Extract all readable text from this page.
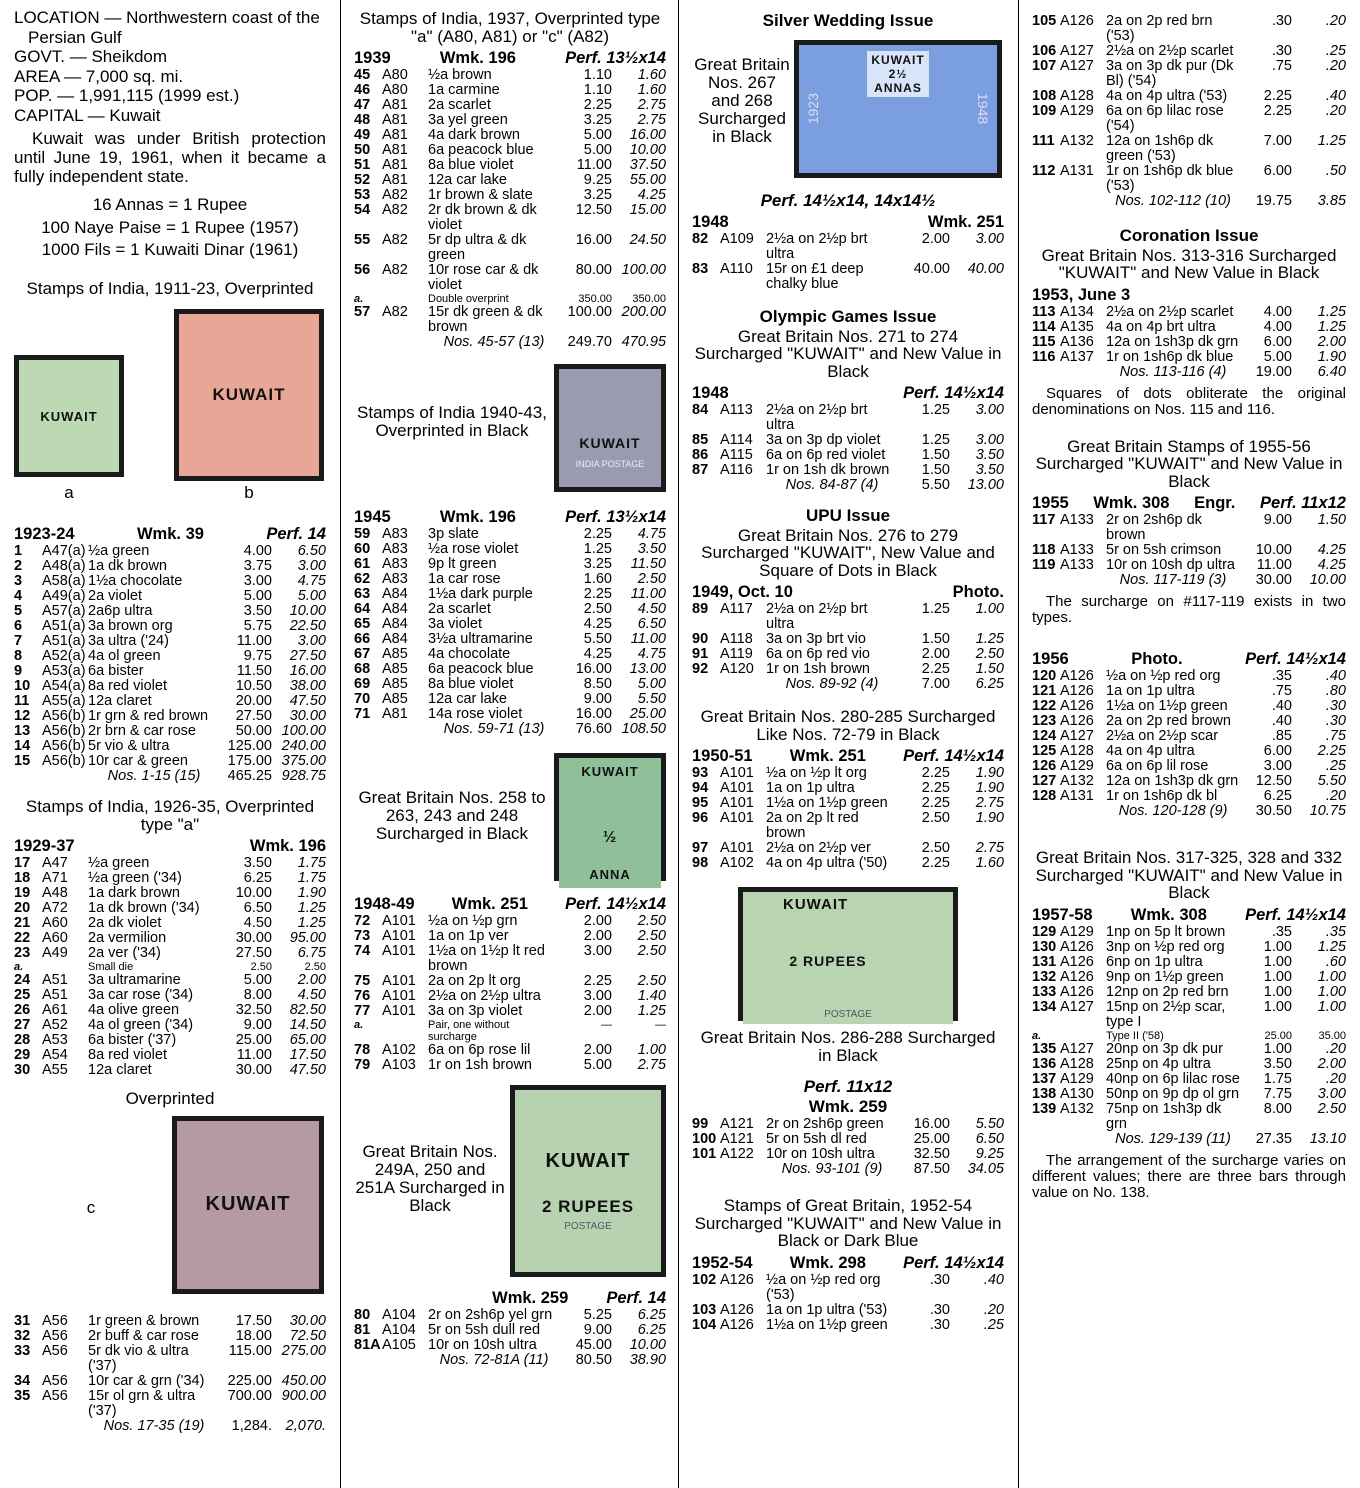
LOCATION — Northwestern coast of the Persian Gulf
GOVT. — Sheikdom
AREA — 7,000 sq. mi.
POP. — 1,991,115 (1999 est.)
CAPITAL — Kuwait
Kuwait was under British protection until June 19, 1961, when it became a fully independent state.
16 Annas = 1 Rupee
100 Naye Paise = 1 Rupee (1957)
1000 Fils = 1 Kuwaiti Dinar (1961)
Stamps of India, 1911-23, Overprinted
KUWAIT
a
KUWAIT
b
1923-24	Wmk. 39	Perf. 14
1	A47(a)	½a green	4.00	6.50
2	A48(a)	1a dk brown	3.75	3.00
3	A58(a)	1½a chocolate	3.00	4.75
4	A49(a)	2a violet	5.00	5.00
5	A57(a)	2a6p ultra	3.50	10.00
6	A51(a)	3a brown org	5.75	22.50
7	A51(a)	3a ultra ('24)	11.00	3.00
8	A52(a)	4a ol green	9.75	27.50
9	A53(a)	6a bister	11.50	16.00
10	A54(a)	8a red violet	10.50	38.00
11	A55(a)	12a claret	20.00	47.50
12	A56(b)	1r grn & red brown	27.50	30.00
13	A56(b)	2r brn & car rose	50.00	100.00
14	A56(b)	5r vio & ultra	125.00	240.00
15	A56(b)	10r car & green	175.00	375.00
		Nos. 1-15 (15)	465.25	928.75
Stamps of India, 1926-35, Overprinted type "a"
1929-37	Wmk. 196
17	A47	½a green	3.50	1.75
18	A71	½a green ('34)	6.25	1.75
19	A48	1a dark brown	10.00	1.90
20	A72	1a dk brown ('34)	6.50	1.25
21	A60	2a dk violet	4.50	1.25
22	A60	2a vermilion	30.00	95.00
23	A49	2a ver ('34)	27.50	6.75
a.		Small die	2.50	2.50
24	A51	3a ultramarine	5.00	2.00
25	A51	3a car rose ('34)	8.00	4.50
26	A61	4a olive green	32.50	82.50
27	A52	4a ol green ('34)	9.00	14.50
28	A53	6a bister ('37)	25.00	65.00
29	A54	8a red violet	11.00	17.50
30	A55	12a claret	30.00	47.50
Overprinted
c	KUWAIT
31	A56	1r green & brown	17.50	30.00
32	A56	2r buff & car rose	18.00	72.50
33	A56	5r dk vio & ultra ('37)	115.00	275.00
34	A56	10r car & grn ('34)	225.00	450.00
35	A56	15r ol grn & ultra ('37)	700.00	900.00
		Nos. 17-35 (19)	1,284.	2,070.
Stamps of India, 1937, Overprinted type "a" (A80, A81) or "c" (A82)
1939	Wmk. 196	Perf. 13½x14
45	A80	½a brown	1.10	1.60
46	A80	1a carmine	1.10	1.60
47	A81	2a scarlet	2.25	2.75
48	A81	3a yel green	3.25	2.75
49	A81	4a dark brown	5.00	16.00
50	A81	6a peacock blue	5.00	10.00
51	A81	8a blue violet	11.00	37.50
52	A81	12a car lake	9.25	55.00
53	A82	1r brown & slate	3.25	4.25
54	A82	2r dk brown & dk violet	12.50	15.00
55	A82	5r dp ultra & dk green	16.00	24.50
56	A82	10r rose car & dk violet	80.00	100.00
a.		Double overprint	350.00	350.00
57	A82	15r dk green & dk brown	100.00	200.00
		Nos. 45-57 (13)	249.70	470.95
Stamps of India 1940-43, Overprinted in Black
KUWAIT
INDIA POSTAGE
1945	Wmk. 196	Perf. 13½x14
59	A83	3p slate	2.25	4.75
60	A83	½a rose violet	1.25	3.50
61	A83	9p lt green	3.25	11.50
62	A83	1a car rose	1.60	2.50
63	A84	1½a dark purple	2.25	11.00
64	A84	2a scarlet	2.50	4.50
65	A84	3a violet	4.25	6.50
66	A84	3½a ultramarine	5.50	11.00
67	A85	4a chocolate	4.25	4.75
68	A85	6a peacock blue	16.00	13.00
69	A85	8a blue violet	8.50	5.00
70	A85	12a car lake	9.00	5.50
71	A81	14a rose violet	16.00	25.00
		Nos. 59-71 (13)	76.60	108.50
Great Britain Nos. 258 to 263, 243 and 248 Surcharged in Black
KUWAIT
½
ANNA
1948-49 Wmk. 251 Perf. 14½x14
72	A101	½a on ½p grn	2.00	2.50
73	A101	1a on 1p ver	2.00	2.50
74	A101	1½a on 1½p lt red brown	3.00	2.50
75	A101	2a on 2p lt org	2.25	2.50
76	A101	2½a on 2½p ultra	3.00	1.40
77	A101	3a on 3p violet	2.00	1.25
a.		Pair, one without surcharge	—	—
78	A102	6a on 6p rose lil	2.00	1.00
79	A103	1r on 1sh brown	5.00	2.75
Great Britain Nos. 249A, 250 and 251A Surcharged in Black
KUWAIT
2 RUPEES
POSTAGE
Wmk. 259 Perf. 14
80	A104	2r on 2sh6p yel grn	5.25	6.25
81	A104	5r on 5sh dull red	9.00	6.25
81A	A105	10r on 10sh ultra	45.00	10.00
		Nos. 72-81A (11)	80.50	38.90
Silver Wedding Issue
Great Britain Nos. 267 and 268 Surcharged in Black
1923
KUWAIT
2½
ANNAS
1948
Perf. 14½x14, 14x14½
1948	Wmk. 251
82	A109	2½a on 2½p brt ultra	2.00	3.00
83	A110	15r on £1 deep chalky blue	40.00	40.00
Olympic Games Issue
Great Britain Nos. 271 to 274 Surcharged "KUWAIT" and New Value in Black
1948	Perf. 14½x14
84	A113	2½a on 2½p brt ultra	1.25	3.00
85	A114	3a on 3p dp violet	1.25	3.00
86	A115	6a on 6p red violet	1.50	3.50
87	A116	1r on 1sh dk brown	1.50	3.50
		Nos. 84-87 (4)	5.50	13.00
UPU Issue
Great Britain Nos. 276 to 279 Surcharged "KUWAIT", New Value and Square of Dots in Black
1949, Oct. 10	Photo.
89	A117	2½a on 2½p brt ultra	1.25	1.00
90	A118	3a on 3p brt vio	1.50	1.25
91	A119	6a on 6p red vio	2.00	2.50
92	A120	1r on 1sh brown	2.25	1.50
		Nos. 89-92 (4)	7.00	6.25
Great Britain Nos. 280-285 Surcharged Like Nos. 72-79 in Black
1950-51 Wmk. 251 Perf. 14½x14
93	A101	½a on ½p lt org	2.25	1.90
94	A101	1a on 1p ultra	2.25	1.90
95	A101	1½a on 1½p green	2.25	2.75
96	A101	2a on 2p lt red brown	2.50	1.90
97	A101	2½a on 2½p ver	2.50	2.75
98	A102	4a on 4p ultra ('50)	2.25	1.60
KUWAIT
2 RUPEES
POSTAGE
Great Britain Nos. 286-288 Surcharged in Black
Perf. 11x12
Wmk. 259
99	A121	2r on 2sh6p green	16.00	5.50
100	A121	5r on 5sh dl red	25.00	6.50
101	A122	10r on 10sh ultra	32.50	9.25
		Nos. 93-101 (9)	87.50	34.05
Stamps of Great Britain, 1952-54 Surcharged "KUWAIT" and New Value in Black or Dark Blue
1952-54 Wmk. 298 Perf. 14½x14
102	A126	½a on ½p red org ('53)	.30	.40
103	A126	1a on 1p ultra ('53)	.30	.20
104	A126	1½a on 1½p green	.30	.25
105	A126	2a on 2p red brn ('53)	.30	.20
106	A127	2½a on 2½p scarlet	.30	.25
107	A127	3a on 3p dk pur (Dk Bl) ('54)	.75	.20
108	A128	4a on 4p ultra ('53)	2.25	.40
109	A129	6a on 6p lilac rose ('54)	2.25	.20
111	A132	12a on 1sh6p dk green ('53)	7.00	1.25
112	A131	1r on 1sh6p dk blue ('53)	6.00	.50
		Nos. 102-112 (10)	19.75	3.85
Coronation Issue
Great Britain Nos. 313-316 Surcharged "KUWAIT" and New Value in Black
1953, June 3
113	A134	2½a on 2½p scarlet	4.00	1.25
114	A135	4a on 4p brt ultra	4.00	1.25
115	A136	12a on 1sh3p dk grn	6.00	2.00
116	A137	1r on 1sh6p dk blue	5.00	1.90
		Nos. 113-116 (4)	19.00	6.40
Squares of dots obliterate the original denominations on Nos. 115 and 116.
Great Britain Stamps of 1955-56 Surcharged "KUWAIT" and New Value in Black
1955 Wmk. 308 Engr. Perf. 11x12
117	A133	2r on 2sh6p dk brown	9.00	1.50
118	A133	5r on 5sh crimson	10.00	4.25
119	A133	10r on 10sh dp ultra	11.00	4.25
		Nos. 117-119 (3)	30.00	10.00
The surcharge on #117-119 exists in two types.
1956	Photo.	Perf. 14½x14
120	A126	½a on ½p red org	.35	.40
121	A126	1a on 1p ultra	.75	.80
122	A126	1½a on 1½p green	.40	.30
123	A126	2a on 2p red brown	.40	.30
124	A127	2½a on 2½p scar	.85	.75
125	A128	4a on 4p ultra	6.00	2.25
126	A129	6a on 6p lil rose	3.00	.25
127	A132	12a on 1sh3p dk grn	12.50	5.50
128	A131	1r on 1sh6p dk bl	6.25	.20
		Nos. 120-128 (9)	30.50	10.75
Great Britain Nos. 317-325, 328 and 332 Surcharged "KUWAIT" and New Value in Black
1957-58 Wmk. 308 Perf. 14½x14
129	A129	1np on 5p lt brown	.35	.35
130	A126	3np on ½p red org	1.00	1.25
131	A126	6np on 1p ultra	1.00	.60
132	A126	9np on 1½p green	1.00	1.00
133	A126	12np on 2p red brn	1.00	1.00
134	A127	15np on 2½p scar, type I	1.00	1.00
a.		Type II ('58)	25.00	35.00
135	A127	20np on 3p dk pur	1.00	.20
136	A128	25np on 4p ultra	3.50	2.00
137	A129	40np on 6p lilac rose	1.75	.20
138	A130	50np on 9p dp ol grn	7.75	3.00
139	A132	75np on 1sh3p dk grn	8.00	2.50
		Nos. 129-139 (11)	27.35	13.10
The arrangement of the surcharge varies on different values; there are three bars through value on No. 138.
